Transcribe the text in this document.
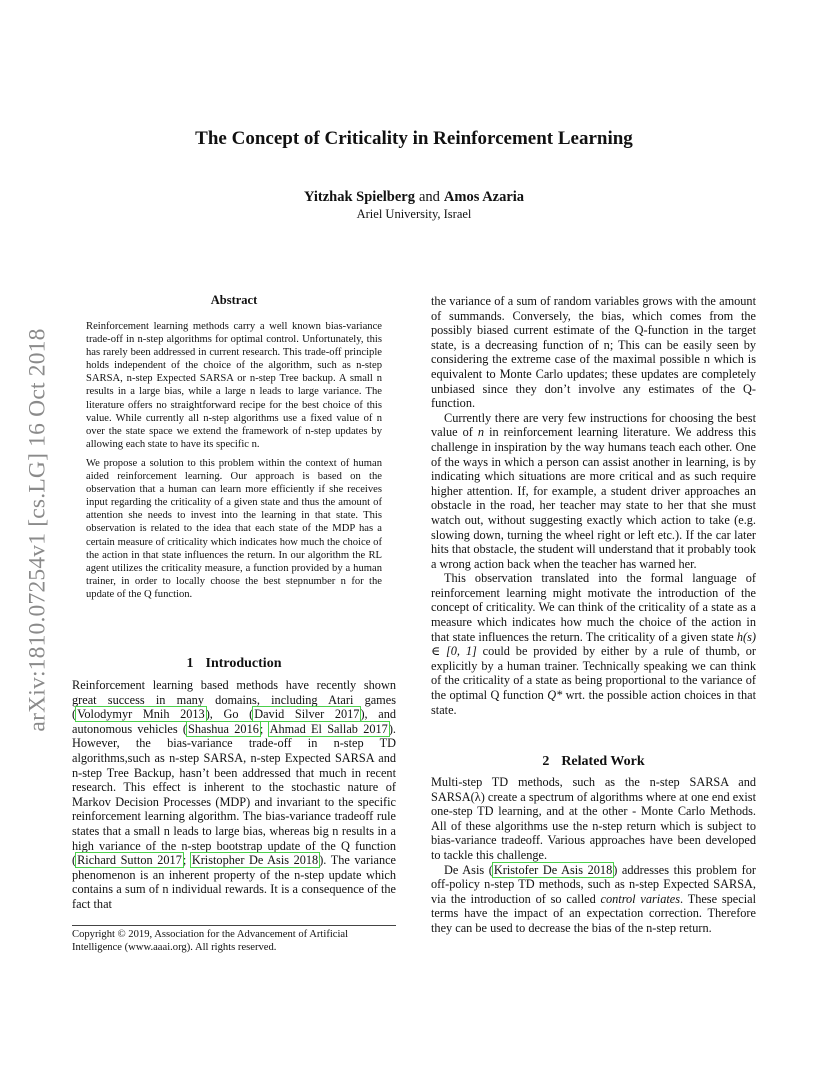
arXiv:1810.07254v1 [cs.LG] 16 Oct 2018
The Concept of Criticality in Reinforcement Learning
Yitzhak Spielberg and Amos Azaria
Ariel University, Israel
Abstract

Reinforcement learning methods carry a well known bias-variance trade-off in n-step algorithms for optimal control. Unfortunately, this has rarely been addressed in current research. This trade-off principle holds independent of the choice of the algorithm, such as n-step SARSA, n-step Expected SARSA or n-step Tree backup. A small n results in a large bias, while a large n leads to large variance. The literature offers no straightforward recipe for the best choice of this value. While currently all n-step algorithms use a fixed value of n over the state space we extend the framework of n-step updates by allowing each state to have its specific n.

We propose a solution to this problem within the context of human aided reinforcement learning. Our approach is based on the observation that a human can learn more efficiently if she receives input regarding the criticality of a given state and thus the amount of attention she needs to invest into the learning in that state. This observation is related to the idea that each state of the MDP has a certain measure of criticality which indicates how much the choice of the action in that state influences the return. In our algorithm the RL agent utilizes the criticality measure, a function provided by a human trainer, in order to locally choose the best stepnumber n for the update of the Q function.

1 Introduction

Reinforcement learning based methods have recently shown great success in many domains, including Atari games (Volodymyr Mnih 2013), Go (David Silver 2017), and autonomous vehicles (Shashua 2016; Ahmad El Sallab 2017). However, the bias-variance trade-off in n-step TD algorithms,such as n-step SARSA, n-step Expected SARSA and n-step Tree Backup, hasn’t been addressed that much in recent research. This effect is inherent to the stochastic nature of Markov Decision Processes (MDP) and invariant to the specific reinforcement learning algorithm. The bias-variance tradeoff rule states that a small n leads to large bias, whereas big n results in a high variance of the n-step bootstrap update of the Q function (Richard Sutton 2017; Kristopher De Asis 2018). The variance phenomenon is an inherent property of the n-step update which contains a sum of n individual rewards. It is a consequence of the fact that

Copyright © 2019, Association for the Advancement of Artificial Intelligence (www.aaai.org). All rights reserved.

the variance of a sum of random variables grows with the amount of summands. Conversely, the bias, which comes from the possibly biased current estimate of the Q-function in the target state, is a decreasing function of n; This can be easily seen by considering the extreme case of the maximal possible n which is equivalent to Monte Carlo updates; these updates are completely unbiased since they don’t involve any estimates of the Q-function.

Currently there are very few instructions for choosing the best value of n in reinforcement learning literature. We address this challenge in inspiration by the way humans teach each other. One of the ways in which a person can assist another in learning, is by indicating which situations are more critical and as such require higher attention. If, for example, a student driver approaches an obstacle in the road, her teacher may state to her that she must watch out, without suggesting exactly which action to take (e.g. slowing down, turning the wheel right or left etc.). If the car later hits that obstacle, the student will understand that it probably took a wrong action back when the teacher has warned her.

This observation translated into the formal language of reinforcement learning might motivate the introduction of the concept of criticality. We can think of the criticality of a state as a measure which indicates how much the choice of the action in that state influences the return. The criticality of a given state h(s) ∈ [0, 1] could be provided by either by a rule of thumb, or explicitly by a human trainer. Technically speaking we can think of the criticality of a state as being proportional to the variance of the optimal Q function Q* wrt. the possible action choices in that state.

2 Related Work

Multi-step TD methods, such as the n-step SARSA and SARSA(λ) create a spectrum of algorithms where at one end exist one-step TD learning, and at the other - Monte Carlo Methods. All of these algorithms use the n-step return which is subject to bias-variance tradeoff. Various approaches have been developed to tackle this challenge.

De Asis (Kristofer De Asis 2018) addresses this problem for off-policy n-step TD methods, such as n-step Expected SARSA, via the introduction of so called control variates. These special terms have the impact of an expectation correction. Therefore they can be used to decrease the bias of the n-step return.
